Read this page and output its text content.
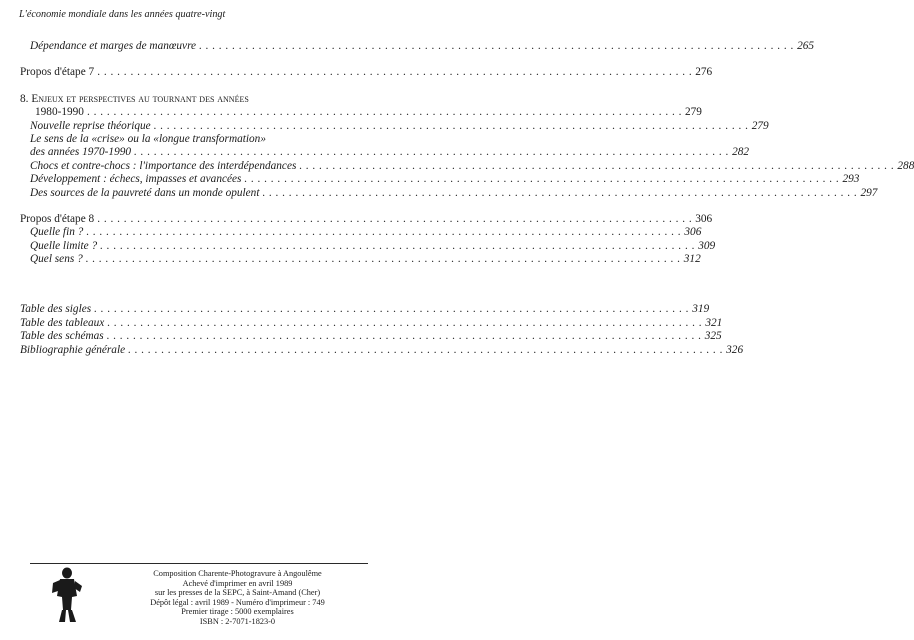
L'économie mondiale dans les années quatre-vingt
Dépendance et marges de manœuvre . . .	265
Propos d'étape 7 . . .	276
8. Enjeux et perspectives au tournant des années
1980-1990 . . .	279
Nouvelle reprise théorique . . .	279
Le sens de la «crise» ou la «longue transformation»
des années 1970-1990 . . .	282
Chocs et contre-chocs : l'importance des interdépendances . . .	288
Développement : échecs, impasses et avancées . . .	293
Des sources de la pauvreté dans un monde opulent . . .	297
Propos d'étape 8 . . .	306
Quelle fin ? . . .	306
Quelle limite ? . . .	309
Quel sens ? . . .	312
Table des sigles . . .	319
Table des tableaux . . .	321
Table des schémas . . .	325
Bibliographie générale . . .	326
Composition Charente-Photogravure à Angoulême
Achevé d'imprimer en avril 1989
sur les presses de la SEPC, à Saint-Amand (Cher)
Dépôt légal : avril 1989 - Numéro d'imprimeur : 749
Premier tirage : 5000 exemplaires
ISBN : 2-7071-1823-0
